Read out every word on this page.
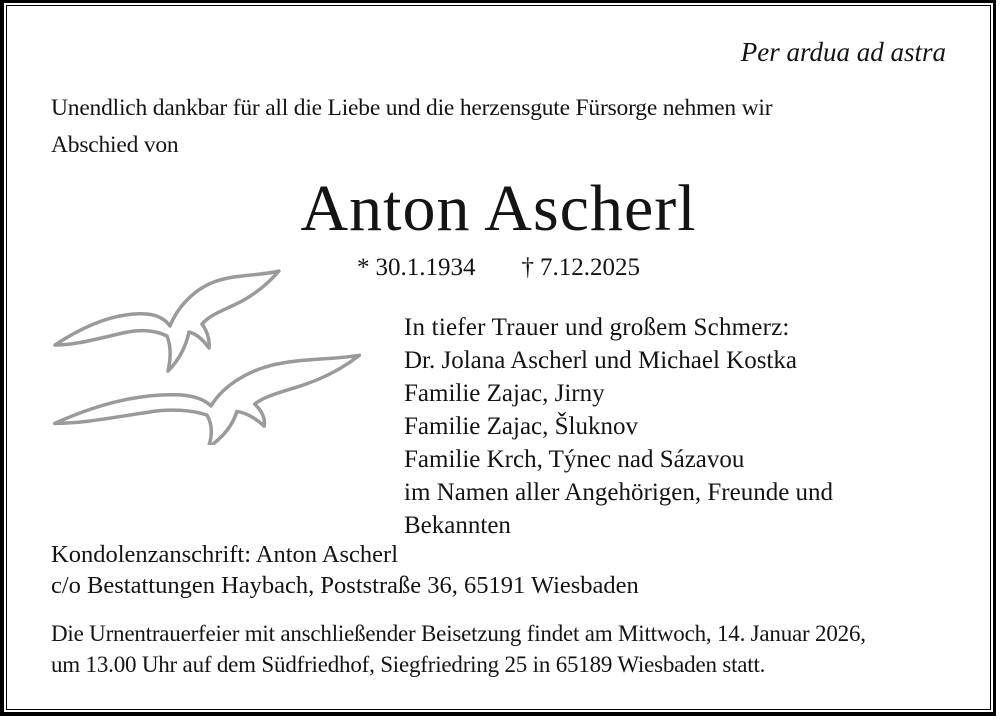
Per ardua ad astra
Unendlich dankbar für all die Liebe und die herzensgute Fürsorge nehmen wir
Abschied von
Anton Ascherl
* 30.1.1934 † 7.12.2025
In tiefer Trauer und großem Schmerz:
Dr. Jolana Ascherl und Michael Kostka
Familie Zajac, Jirny
Familie Zajac, Šluknov
Familie Krch, Týnec nad Sázavou
im Namen aller Angehörigen, Freunde und Bekannten
Kondolenzanschrift: Anton Ascherl
c/o Bestattungen Haybach, Poststraße 36, 65191 Wiesbaden
Die Urnentrauerfeier mit anschließender Beisetzung findet am Mittwoch, 14. Januar 2026,
um 13.00 Uhr auf dem Südfriedhof, Siegfriedring 25 in 65189 Wiesbaden statt.
